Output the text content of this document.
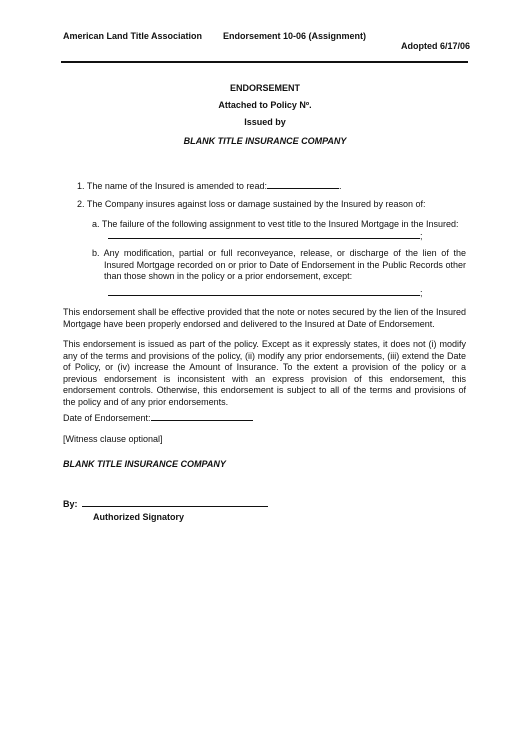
American Land Title Association Endorsement 10-06 (Assignment)
Adopted 6/17/06
ENDORSEMENT
Attached to Policy Nº.
Issued by
BLANK TITLE INSURANCE COMPANY
1. The name of the Insured is amended to read:	.
2. The Company insures against loss or damage sustained by the Insured by reason of:
a. The failure of the following assignment to vest title to the Insured Mortgage in the Insured:
;
b. Any modification, partial or full reconveyance, release, or discharge of the lien of the Insured Mortgage recorded on or prior to Date of Endorsement in the Public Records other than those shown in the policy or a prior endorsement, except:
;
This endorsement shall be effective provided that the note or notes secured by the lien of the Insured Mortgage have been properly endorsed and delivered to the Insured at Date of Endorsement.
This endorsement is issued as part of the policy. Except as it expressly states, it does not (i) modify any of the terms and provisions of the policy, (ii) modify any prior endorsements, (iii) extend the Date of Policy, or (iv) increase the Amount of Insurance. To the extent a provision of the policy or a previous endorsement is inconsistent with an express provision of this endorsement, this endorsement controls. Otherwise, this endorsement is subject to all of the terms and provisions of the policy and of any prior endorsements.
Date of Endorsement:
[Witness clause optional]
BLANK TITLE INSURANCE COMPANY
By:
Authorized Signatory
